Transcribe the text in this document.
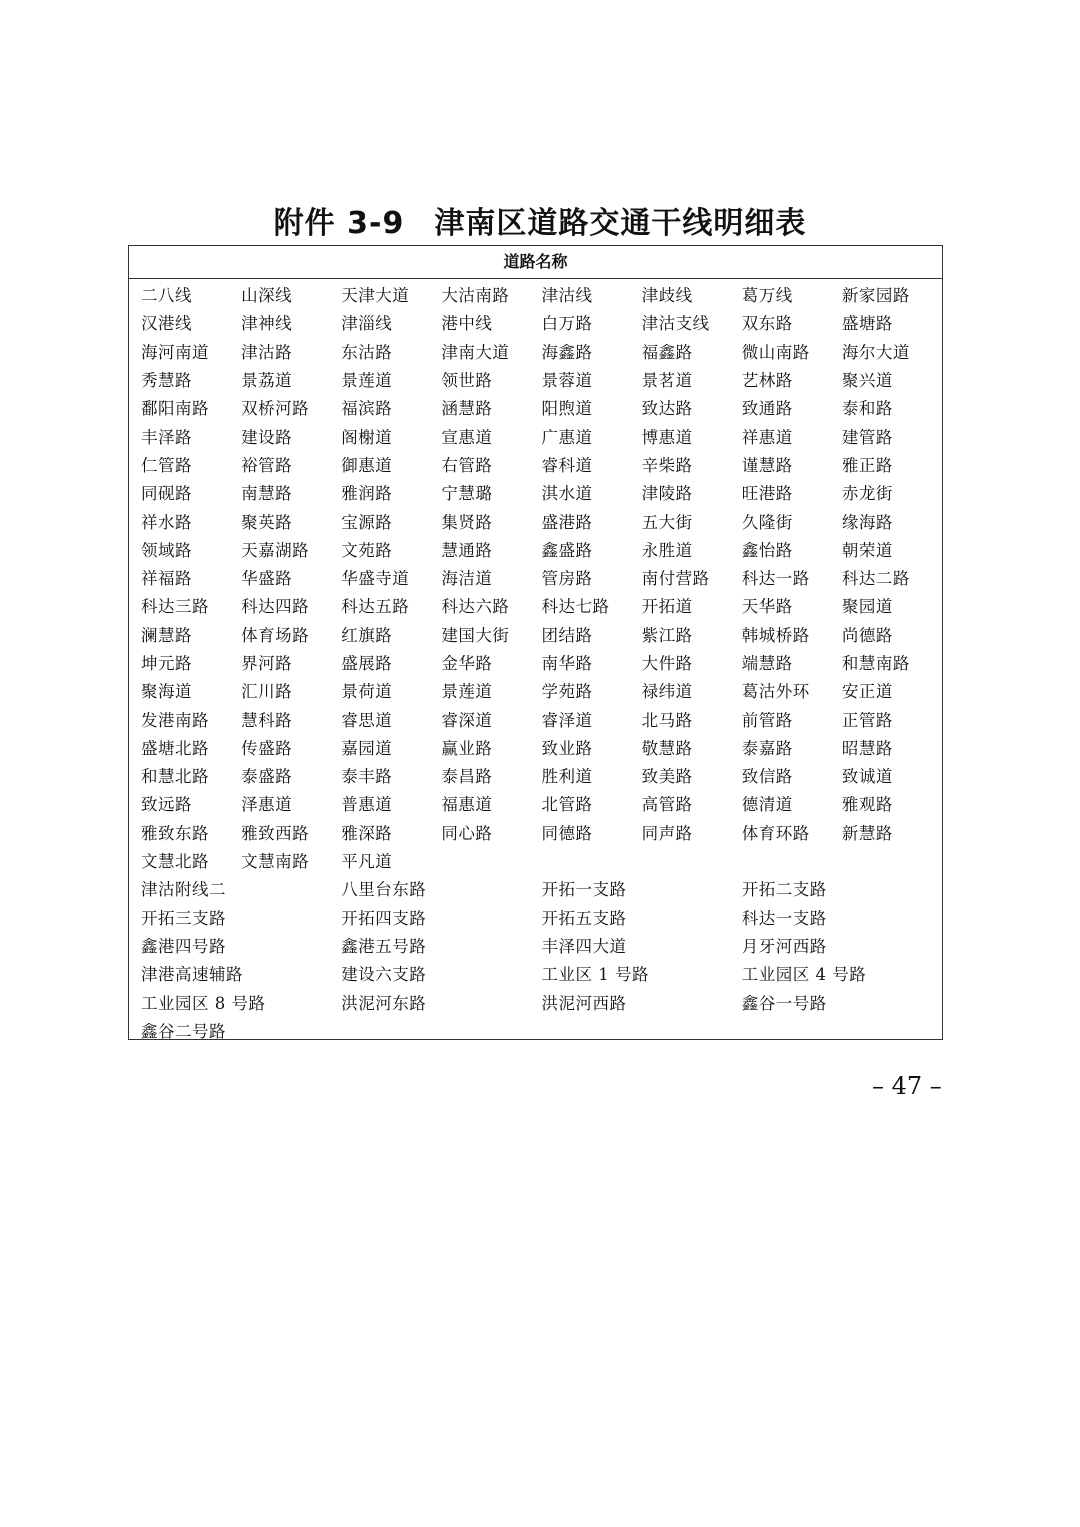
附件 3-9 津南区道路交通干线明细表
道路名称
二八线	山深线	天津大道	大沽南路	津沽线	津歧线	葛万线	新家园路
汉港线	津神线	津淄线	港中线	白万路	津沽支线	双东路	盛塘路
海河南道	津沽路	东沽路	津南大道	海鑫路	福鑫路	微山南路	海尔大道
秀慧路	景荔道	景莲道	领世路	景蓉道	景茗道	艺林路	聚兴道
鄱阳南路	双桥河路	福滨路	涵慧路	阳煦道	致达路	致通路	泰和路
丰泽路	建设路	阁榭道	宣惠道	广惠道	博惠道	祥惠道	建管路
仁管路	裕管路	御惠道	右管路	睿科道	辛柴路	谨慧路	雅正路
同砚路	南慧路	雅润路	宁慧璐	淇水道	津陵路	旺港路	赤龙街
祥水路	聚英路	宝源路	集贤路	盛港路	五大街	久隆街	缘海路
领域路	天嘉湖路	文苑路	慧通路	鑫盛路	永胜道	鑫怡路	朝荣道
祥福路	华盛路	华盛寺道	海洁道	管房路	南付营路	科达一路	科达二路
科达三路	科达四路	科达五路	科达六路	科达七路	开拓道	天华路	聚园道
澜慧路	体育场路	红旗路	建国大街	团结路	紫江路	韩城桥路	尚德路
坤元路	界河路	盛展路	金华路	南华路	大件路	端慧路	和慧南路
聚海道	汇川路	景荷道	景莲道	学苑路	禄纬道	葛沽外环	安正道
发港南路	慧科路	睿思道	睿深道	睿泽道	北马路	前管路	正管路
盛塘北路	传盛路	嘉园道	赢业路	致业路	敬慧路	泰嘉路	昭慧路
和慧北路	泰盛路	泰丰路	泰昌路	胜利道	致美路	致信路	致诚道
致远路	泽惠道	普惠道	福惠道	北管路	高管路	德清道	雅观路
雅致东路	雅致西路	雅深路	同心路	同德路	同声路	体育环路	新慧路
文慧北路	文慧南路	平凡道
津沽附线二	八里台东路	开拓一支路	开拓二支路
开拓三支路	开拓四支路	开拓五支路	科达一支路
鑫港四号路	鑫港五号路	丰泽四大道	月牙河西路
津港高速辅路	建设六支路	工业区 1 号路	工业园区 4 号路
工业园区 8 号路	洪泥河东路	洪泥河西路	鑫谷一号路
鑫谷二号路
– 47 –
